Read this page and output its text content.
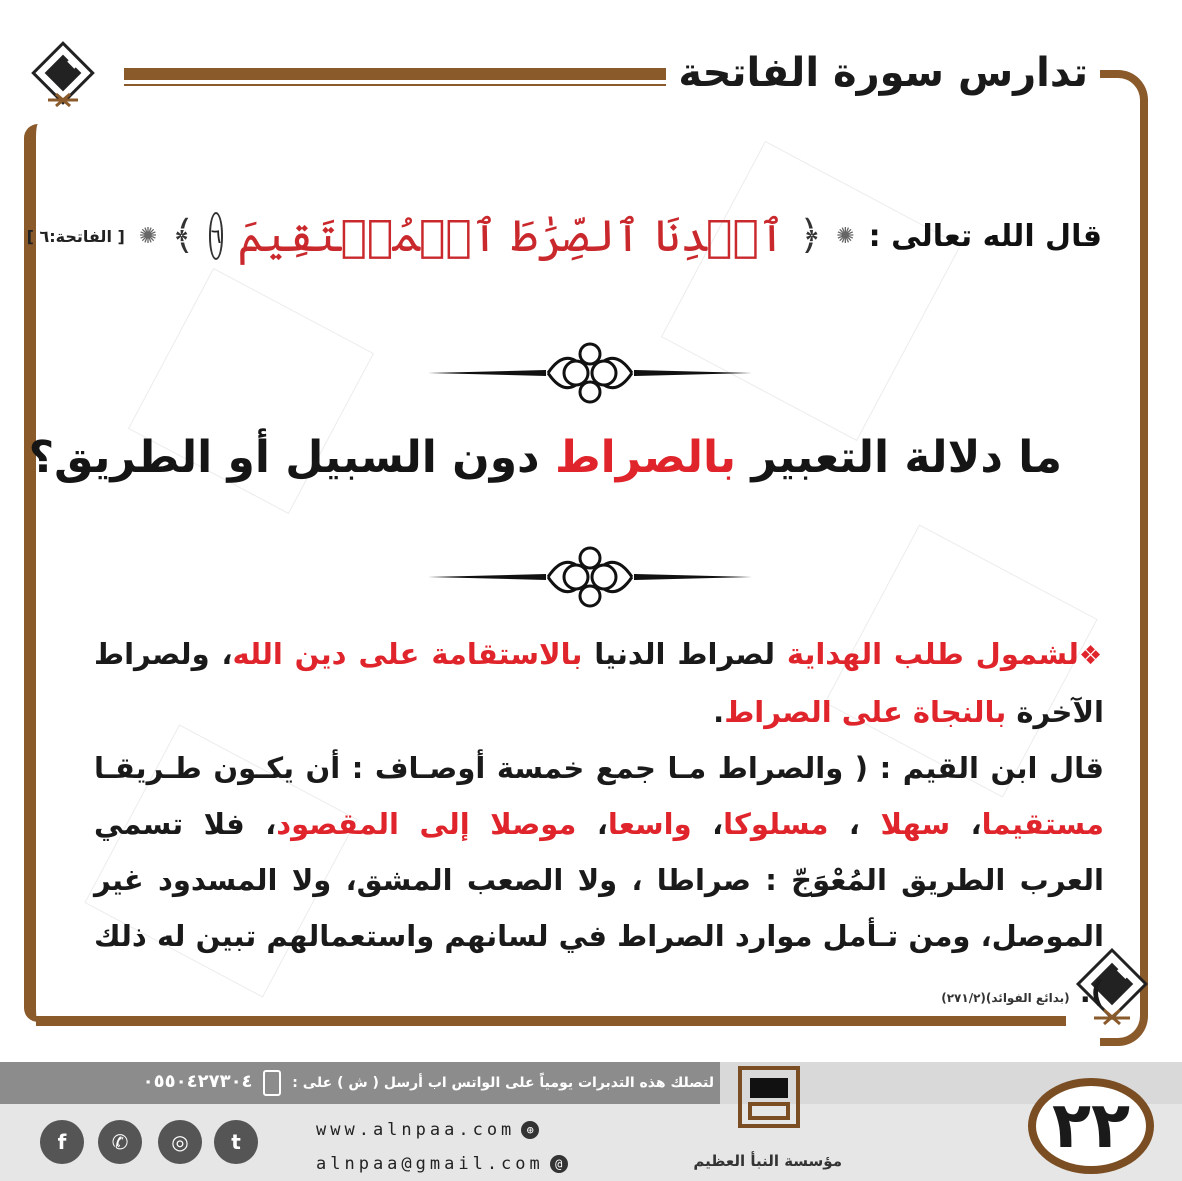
تدارس سورة الفاتحة
قال الله تعالى :
✺
﴿
ٱهۡدِنَا ٱلصِّرَٰطَ ٱلۡمُسۡتَقِيمَ
٦
﴾
✺
[ الفاتحة:٦ ]
ما دلالة التعبير بالصراط دون السبيل أو الطريق؟

❖لشمول طلب الهداية لصراط الدنيا بالاستقامة على دين الله، ولصراط الآخرة بالنجاة على الصراط.

قال ابن القيم : ( والصراط مـا جمع خمسة أوصـاف : أن يكـون طـريقـا مستقيما، سهلا ، مسلوكا، واسعا، موصلا إلى المقصود، فلا تسمي العرب الطريق المُعْوَجّ : صراطا ، ولا الصعب المشق، ولا المسدود غير الموصل، ومن تـأمل موارد الصراط في لسانهم واستعمالهم تبين له ذلك ). (بدائع الفوائد)(٢٧١/٢)

لتصلك هذه التدبرات يومياً على الواتس اب أرسل ( ش ) على :  ٠٥٥٠٤٢٧٣٠٤
t
◎
✆
f	www.alnpaa.com ⊕
alnpaa@gmail.com @	مؤسسة النبأ العظيم	٢٢
